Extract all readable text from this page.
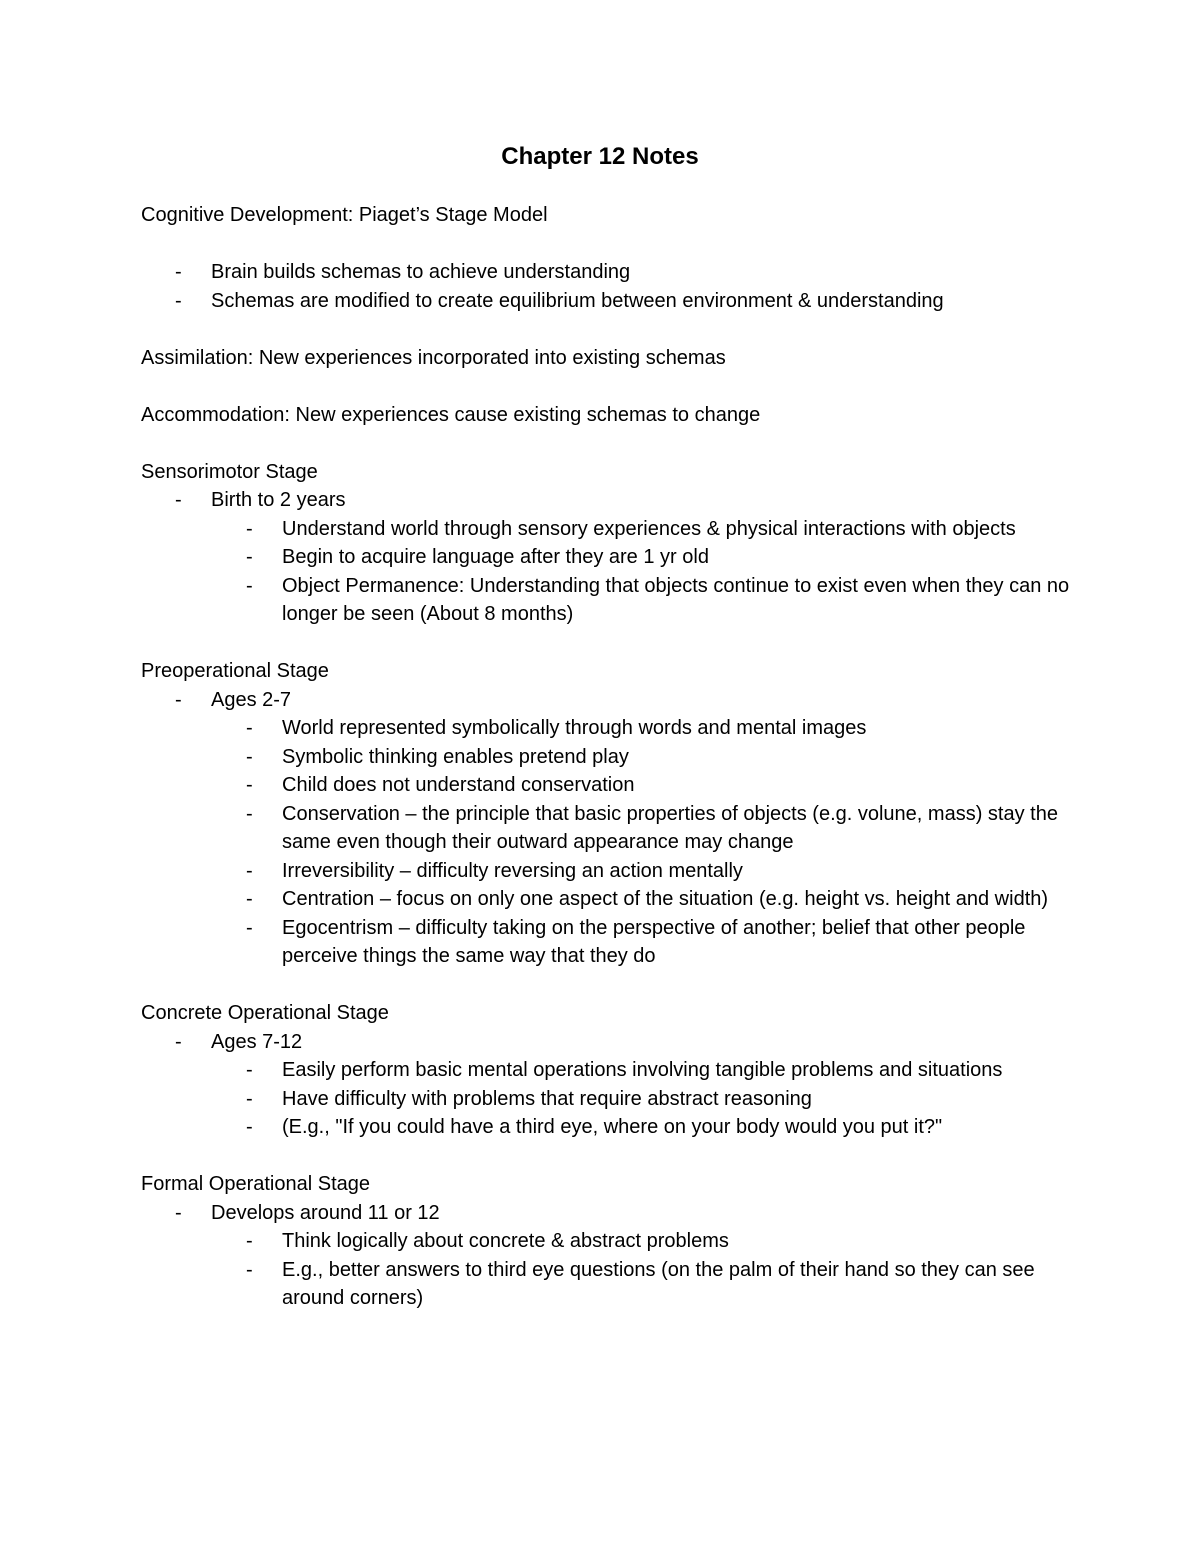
Chapter 12 Notes

Cognitive Development: Piaget’s Stage Model

-	Brain builds schemas to achieve understanding
-	Schemas are modified to create equilibrium between environment & understanding

Assimilation: New experiences incorporated into existing schemas

Accommodation: New experiences cause existing schemas to change

Sensorimotor Stage

-	Birth to 2 years
-	Understand world through sensory experiences & physical interactions with objects
-	Begin to acquire language after they are 1 yr old
-	Object Permanence: Understanding that objects continue to exist even when they can no longer be seen (About 8 months)

Preoperational Stage

-	Ages 2-7
-	World represented symbolically through words and mental images
-	Symbolic thinking enables pretend play
-	Child does not understand conservation
-	Conservation – the principle that basic properties of objects (e.g. volune, mass) stay the same even though their outward appearance may change
-	Irreversibility – difficulty reversing an action mentally
-	Centration – focus on only one aspect of the situation (e.g. height vs. height and width)
-	Egocentrism – difficulty taking on the perspective of another; belief that other people perceive things the same way that they do

Concrete Operational Stage

-	Ages 7-12
-	Easily perform basic mental operations involving tangible problems and situations
-	Have difficulty with problems that require abstract reasoning
-	(E.g., "If you could have a third eye, where on your body would you put it?"

Formal Operational Stage

-	Develops around 11 or 12
-	Think logically about concrete & abstract problems
-	E.g., better answers to third eye questions (on the palm of their hand so they can see around corners)
